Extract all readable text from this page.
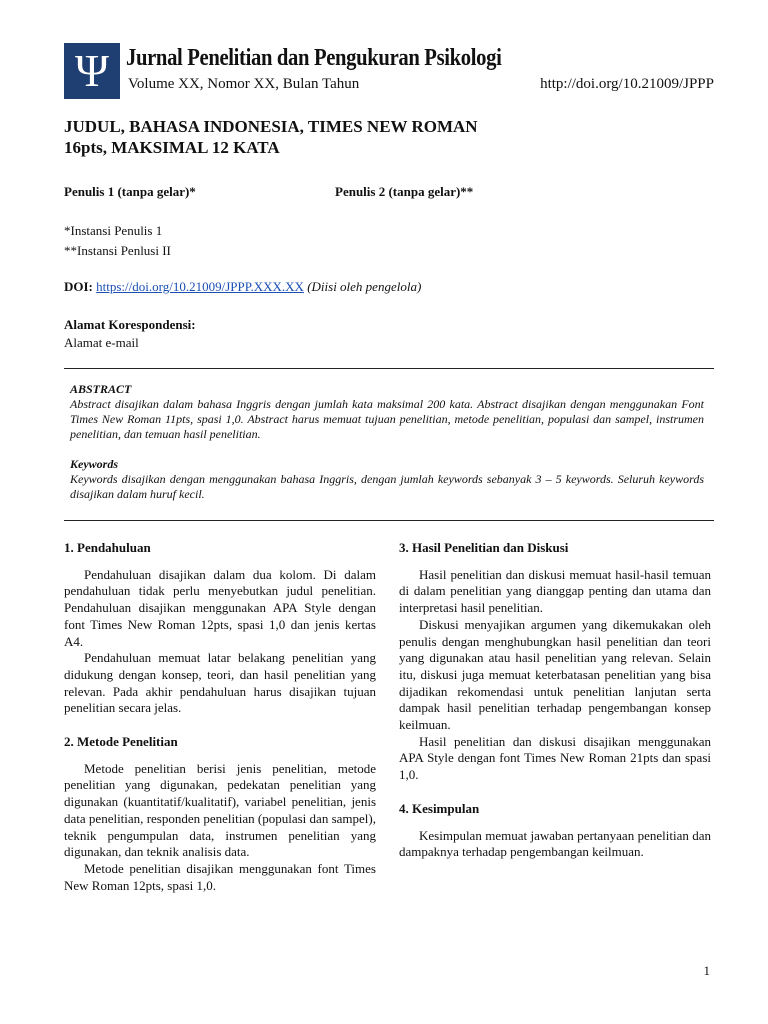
Ψ Jurnal Penelitian dan Pengukuran Psikologi
Volume XX, Nomor XX, Bulan Tahun	http://doi.org/10.21009/JPPP
JUDUL, BAHASA INDONESIA, TIMES NEW ROMAN
16pts, MAKSIMAL 12 KATA
Penulis 1 (tanpa gelar)*	Penulis 2 (tanpa gelar)**
*Instansi Penulis 1
**Instansi Penlusi II
DOI: https://doi.org/10.21009/JPPP.XXX.XX (Diisi oleh pengelola)
Alamat Korespondensi:
Alamat e-mail

ABSTRACT

Abstract disajikan dalam bahasa Inggris dengan jumlah kata maksimal 200 kata. Abstract disajikan dengan menggunakan Font Times New Roman 11pts, spasi 1,0. Abstract harus memuat tujuan penelitian, metode penelitian, populasi dan sampel, instrumen penelitian, dan temuan hasil penelitian.

Keywords

Keywords disajikan dengan menggunakan bahasa Inggris, dengan jumlah keywords sebanyak 3 – 5 keywords. Seluruh keywords disajikan dalam huruf kecil.

1. Pendahuluan

Pendahuluan disajikan dalam dua kolom. Di dalam pendahuluan tidak perlu menyebutkan judul penelitian. Pendahuluan disajikan menggunakan APA Style dengan font Times New Roman 12pts, spasi 1,0 dan jenis kertas A4.

Pendahuluan memuat latar belakang penelitian yang didukung dengan konsep, teori, dan hasil penelitian yang relevan. Pada akhir pendahuluan harus disajikan tujuan penelitian secara jelas.

2. Metode Penelitian

Metode penelitian berisi jenis penelitian, metode penelitian yang digunakan, pedekatan penelitian yang digunakan (kuantitatif/kualitatif), variabel penelitian, jenis data penelitian, responden penelitian (populasi dan sampel), teknik pengumpulan data, instrumen penelitian yang digunakan, dan teknik analisis data.

Metode penelitian disajikan menggunakan font Times New Roman 12pts, spasi 1,0.

3. Hasil Penelitian dan Diskusi

Hasil penelitian dan diskusi memuat hasil-hasil temuan di dalam penelitian yang dianggap penting dan utama dan interpretasi hasil penelitian.

Diskusi menyajikan argumen yang dikemukakan oleh penulis dengan menghubungkan hasil penelitian dan teori yang digunakan atau hasil penelitian yang relevan. Selain itu, diskusi juga memuat keterbatasan penelitian yang bisa dijadikan rekomendasi untuk penelitian lanjutan serta dampak hasil penelitian terhadap pengembangan konsep keilmuan.

Hasil penelitian dan diskusi disajikan menggunakan APA Style dengan font Times New Roman 21pts dan spasi 1,0.

4. Kesimpulan

Kesimpulan memuat jawaban pertanyaan penelitian dan dampaknya terhadap pengembangan keilmuan.

1
